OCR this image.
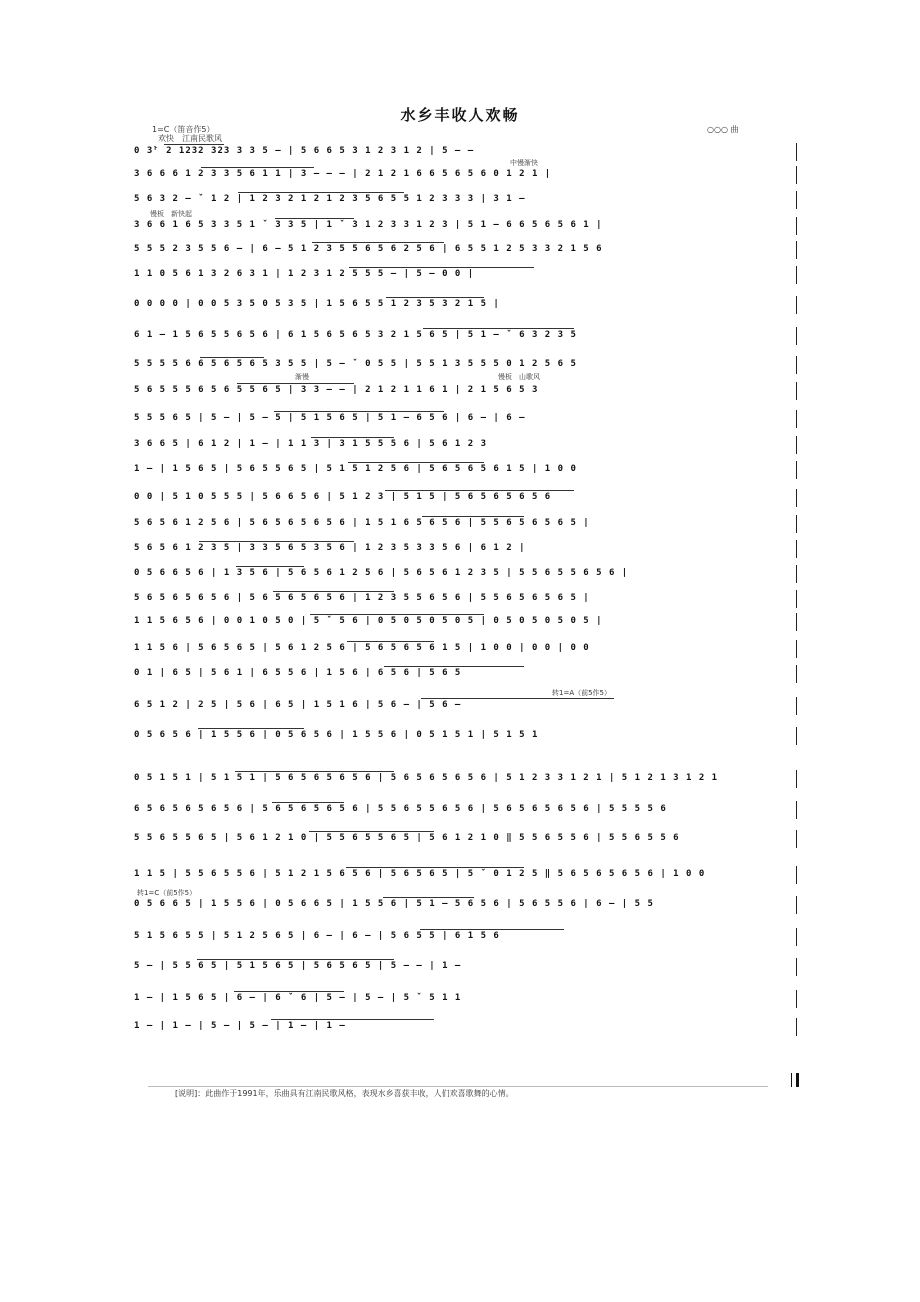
水乡丰收人欢畅
1=C（笛音作5）
欢快　江南民歌风
○○○ 曲
中慢渐快
慢板　新快起
渐慢	慢板　山歌风
转1=A（前5作5）
转1=C（前5作5）
0 3̇ʳ 2 1232 323 3 3 5 ‒ | 5 6 6 5 3 1 2 3 1 2 | 5 ‒ ‒
3 6 6 6 1 2 3 3 5 6 1 1 | 3 ‒ ‒ ‒ | 2 1 2 1 6 6 5 6 5 6 0 1 2 1 |
5 6 3 2 ‒ ˇ 1 2 | 1 2 3 2 1 2 1 2 3 5 6 5 5 1 2 3 3 3 | 3 1 ‒
3 6 6 1 6 5 3 3 5 1 ˇ 3 3 5 | 1 ˇ 3 1 2 3 3 1 2 3 | 5 1 ‒ 6 6 5 6 5 6 1 |
5 5 5 2 3 5 5 6 ‒ | 6 ‒ 5 1 2 3 5 5 6 5 6 2 5 6 | 6 5 5 1 2 5 3 3 2 1 5 6
1 1 0 5 6 1 3 2 6 3 1 | 1 2 3 1 2 5 5 5 ‒ | 5 ‒ 0 0 |
0 0 0 0 | 0 0 5 3 5 0 5 3 5 | 1 5 6 5 5 1 2 3 5 3 2 1 5 |
6 1 ‒ 1 5 6 5 5 6 5 6 | 6 1 5 6 5 6 5 3 2 1 5 6 5 | 5 1 ‒ ˇ 6 3 2 3 5
5 5 5 5 6 6 5 6 5 6 5 3 5 5 | 5 ‒ ˇ 0 5 5 | 5 5 1 3 5 5 5 0 1 2 5 6 5
5 6 5 5 5 6 5 6 5 5 6 5 | 3 3 ‒ ‒ | 2 1 2 1 1 6 1 | 2 1 5 6 5 3
5 5 5 6 5 | 5 ‒ | 5 ‒ 5 | 5 1 5 6 5 | 5 1 ‒ 6 5 6 | 6 ‒ | 6 ‒
3 6 6 5 | 6 1 2 | 1 ‒ | 1 1 3 | 3 1 5 5 5 6 | 5 6 1 2 3
1 ‒ | 1 5 6 5 | 5 6 5 5 6 5 | 5 1 5 1 2 5 6 | 5 6 5 6 5 6 1 5 | 1 0 0
0 0 | 5 1 0 5 5 5 | 5 6 6 5 6 | 5 1 2 3 | 5 1 5 | 5 6 5 6 5 6 5 6
5 6 5 6 1 2 5 6 | 5 6 5 6 5 6 5 6 | 1 5 1 6 5 6 5 6 | 5 5 6 5 6 5 6 5 |
5 6 5 6 1 2 3 5 | 3 3 5 6 5 3 5 6 | 1 2 3 5 3 3 5 6 | 6 1 2 |
0 5 6 6 5 6 | 1 3 5 6 | 5 6 5 6 1 2 5 6 | 5 6 5 6 1 2 3 5 | 5 5 6 5 5 6 5 6 |
5 6 5 6 5 6 5 6 | 5 6 5 6 5 6 5 6 | 1 2 3 5 5 6 5 6 | 5 5 6 5 6 5 6 5 |
1 1 5 6 5 6 | 0 0 1 0 5 0 | 5 ˇ 5 6 | 0 5 0 5 0 5 0 5 | 0 5 0 5 0 5 0 5 |
1 1 5 6 | 5 6 5 6 5 | 5 6 1 2 5 6 | 5 6 5 6 5 6 1 5 | 1 0 0 | 0 0 | 0 0
0 1 | 6 5 | 5 6 1 | 6 5 5 6 | 1 5 6 | 6 5 6 | 5 6 5
6 5 1 2 | 2 5 | 5 6 | 6 5 | 1 5 1 6 | 5 6 ‒ | 5 6 ‒
0 5 6 5 6 | 1 5 5 6 | 0 5 6 5 6 | 1 5 5 6 | 0 5 1 5 1 | 5 1 5 1
0 5 1 5 1 | 5 1 5 1 | 5 6 5 6 5 6 5 6 | 5 6 5 6 5 6 5 6 | 5 1 2 3 3 1 2 1 | 5 1 2 1 3 1 2 1
6 5 6 5 6 5 6 5 6 | 5 6 5 6 5 6 5 6 | 5 5 6 5 5 6 5 6 | 5 6 5 6 5 6 5 6 | 5 5 5 5 6
5 5 6 5 5 6 5 | 5 6 1 2 1 0 | 5 5 6 5 5 6 5 | 5 6 1 2 1 0 ‖ 5 5 6 5 5 6 | 5 5 6 5 5 6
1 1 5 | 5 5 6 5 5 6 | 5 1 2 1 5 6 5 6 | 5 6 5 6 5 | 5 ˇ 0 1 2 5 ‖ 5 6 5 6 5 6 5 6 | 1 0 0
0 5 6 6 5 | 1 5 5 6 | 0 5 6 6 5 | 1 5 5 6 | 5 1 ‒ 5 6 5 6 | 5 6 5 5 6 | 6 ‒ | 5 5
5 1 5 6 5 5 | 5 1 2 5 6 5 | 6 ‒ | 6 ‒ | 5 6 5 5 | 6 1 5 6
5 ‒ | 5 5 6 5 | 5 1 5 6 5 | 5 6 5 6 5 | 5 ‒ ‒ | 1 ‒
1 ‒ | 1 5 6 5 | 6 ‒ | 6 ˇ 6 | 5 ‒ | 5 ‒ | 5 ˇ 5 1 1
1 ‒ | 1 ‒ | 5 ‒ | 5 ‒ | 1 ‒ | 1 ‒
[说明]：此曲作于1991年，乐曲具有江南民歌风格，表现水乡喜获丰收，人们欢喜歌舞的心情。
